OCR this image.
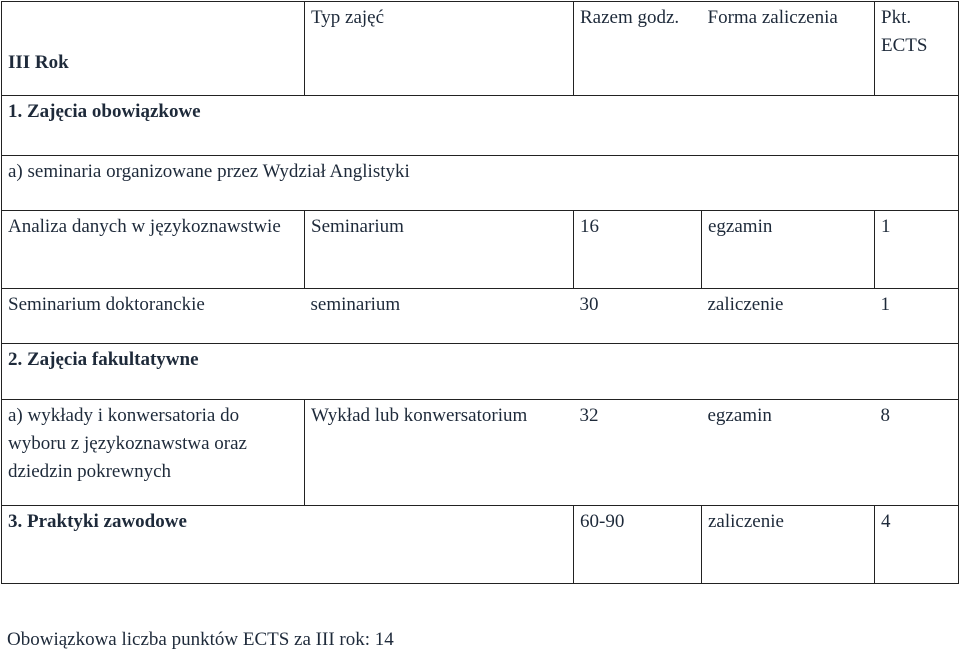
III Rok	Typ zajęć	Razem godz.	Forma zaliczenia	Pkt. ECTS
1. Zajęcia obowiązkowe				
a) seminaria organizowane przez Wydział Anglistyki				
Analiza danych w językoznawstwie	Seminarium	16	egzamin	1
Seminarium doktoranckie	seminarium	30	zaliczenie	1
2. Zajęcia fakultatywne				
a) wykłady i konwersatoria do wyboru z językoznawstwa oraz dziedzin pokrewnych	Wykład lub konwersatorium	32	egzamin	8
3. Praktyki zawodowe		60-90	zaliczenie	4
Obowiązkowa liczba punktów ECTS za III rok: 14
